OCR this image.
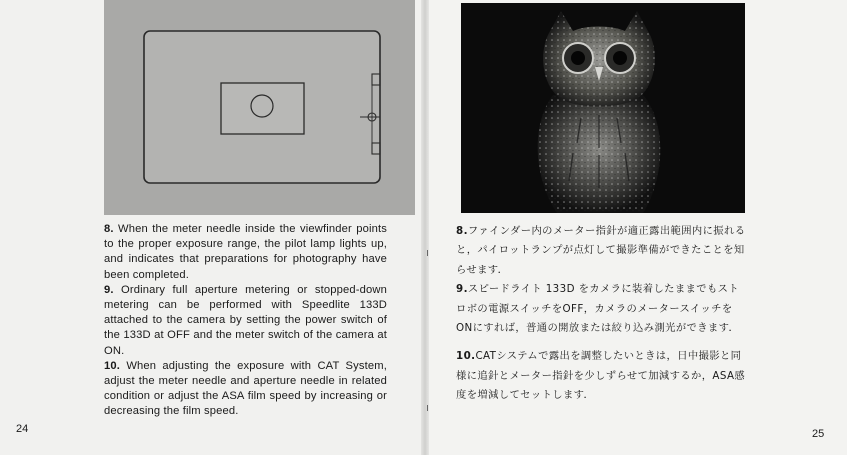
8. When the meter needle inside the viewfinder points to the proper exposure range, the pilot lamp lights up, and indicates that preparations for photography have been completed.

9. Ordinary full aperture metering or stopped-down metering can be performed with Speedlite 133D attached to the camera by setting the power switch of the 133D at OFF and the meter switch of the camera at ON.

10. When adjusting the exposure with CAT System, adjust the meter needle and aperture needle in related condition or adjust the ASA film speed by increasing or decreasing the film speed.

8.ファインダー内のメーター指針が適正露出範囲内に振れると，パイロットランプが点灯して撮影準備ができたことを知らせます．

9.スピードライト 133D をカメラに装着したままでもストロボの電源スイッチをOFF，カメラのメータースイッチをONにすれば，普通の開放または絞り込み測光ができます．

10.CATシステムで露出を調整したいときは，日中撮影と同様に追針とメーター指針を少しずらせて加減するか，ASA感度を増減してセットします．

24	25
